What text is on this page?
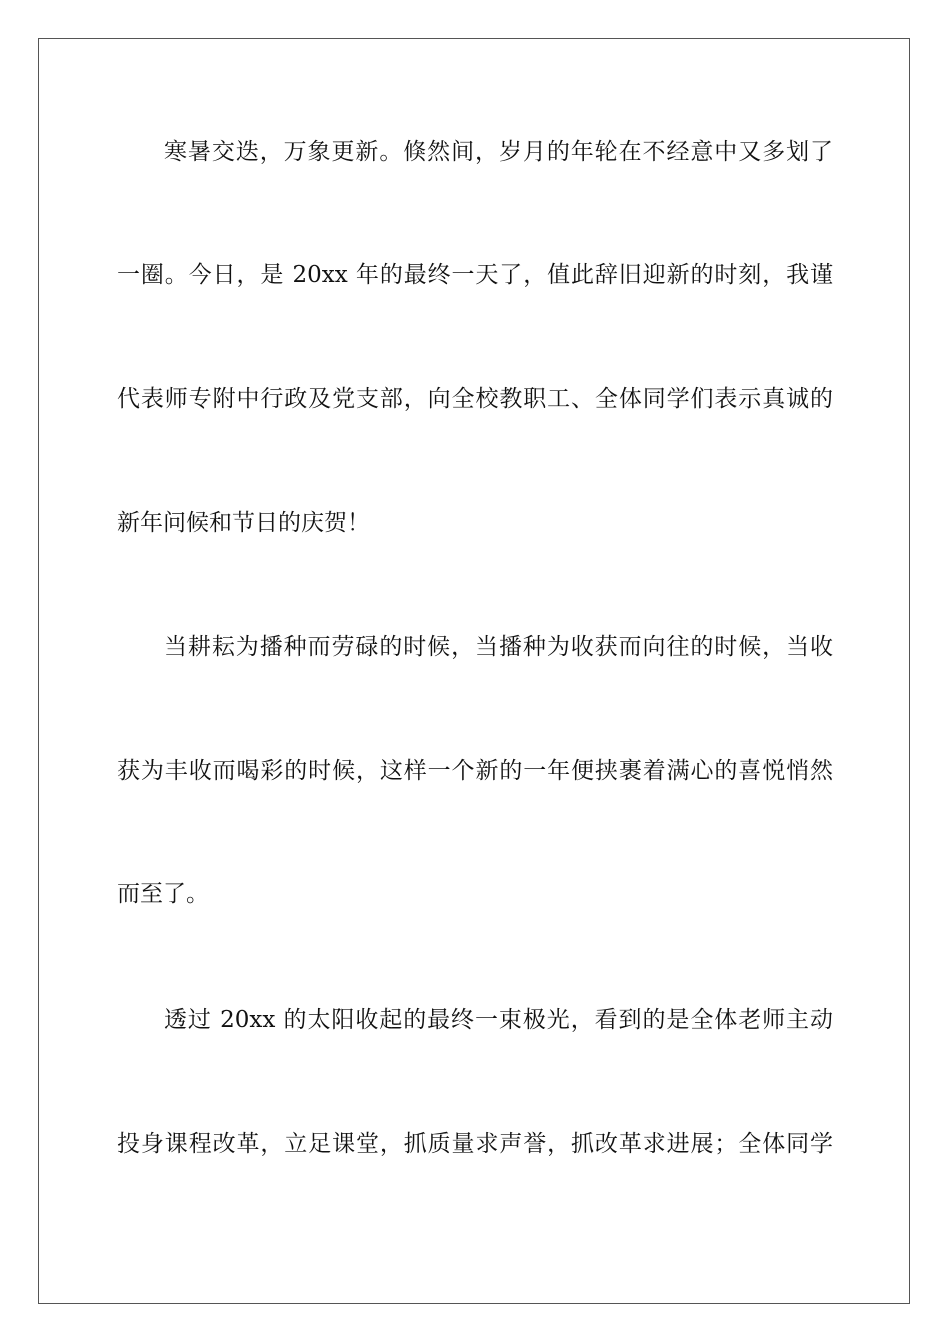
寒暑交迭，万象更新。倏然间，岁月的年轮在不经意中又多划了
一圈。今日，是 20xx 年的最终一天了，值此辞旧迎新的时刻，我谨
代表师专附中行政及党支部，向全校教职工、全体同学们表示真诚的
新年问候和节日的庆贺！
当耕耘为播种而劳碌的时候，当播种为收获而向往的时候，当收
获为丰收而喝彩的时候，这样一个新的一年便挟裹着满心的喜悦悄然
而至了。
透过 20xx 的太阳收起的最终一束极光，看到的是全体老师主动
投身课程改革，立足课堂，抓质量求声誉，抓改革求进展；全体同学
